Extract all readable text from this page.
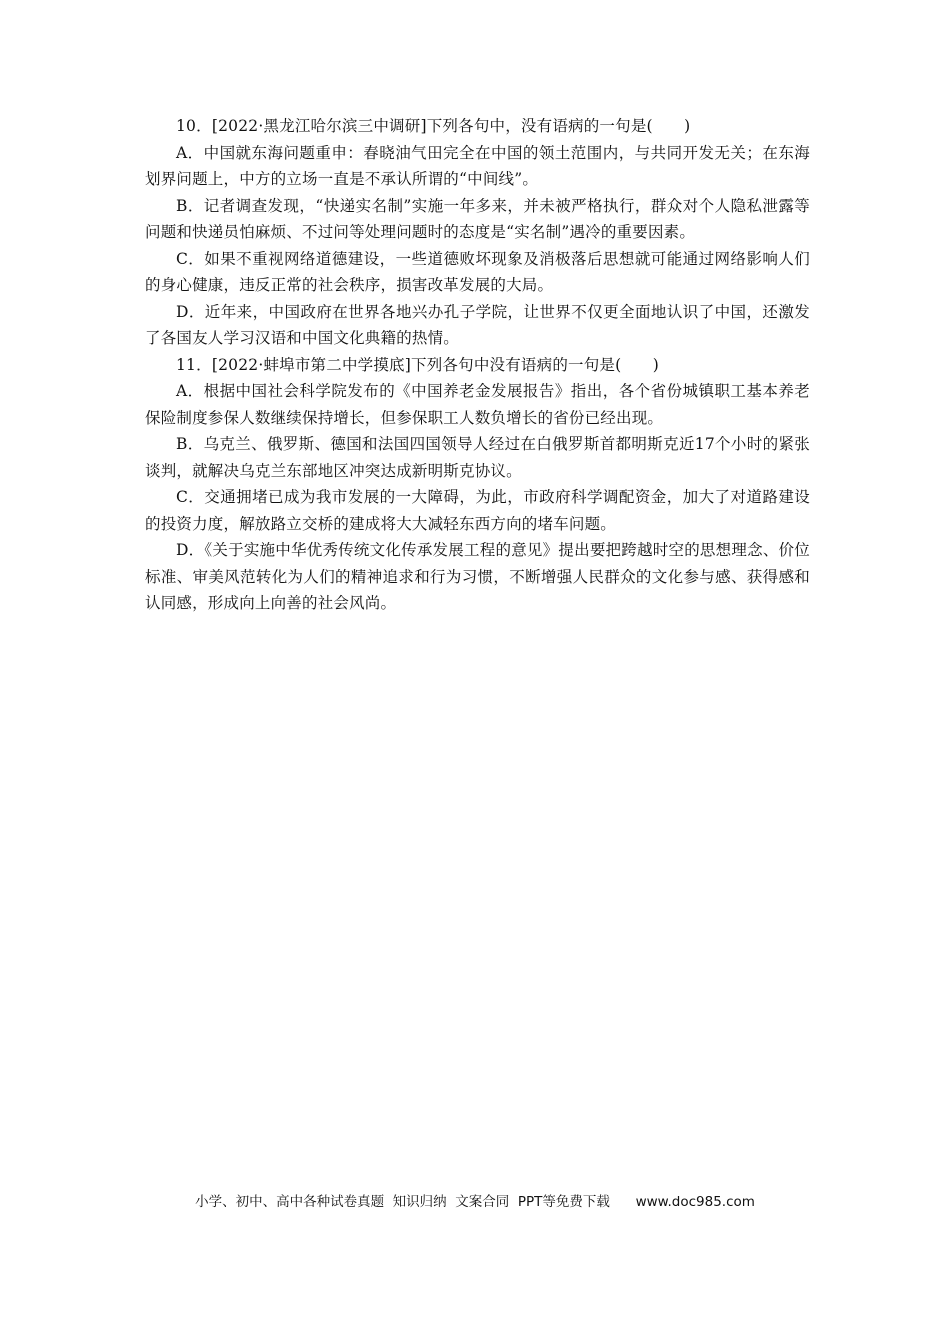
10．[2022·黑龙江哈尔滨三中调研]下列各句中，没有语病的一句是(　　)

A．中国就东海问题重申：春晓油气田完全在中国的领土范围内，与共同开发无关；在东海划界问题上，中方的立场一直是不承认所谓的“中间线”。

B．记者调查发现，“快递实名制”实施一年多来，并未被严格执行，群众对个人隐私泄露等问题和快递员怕麻烦、不过问等处理问题时的态度是“实名制”遇冷的重要因素。

C．如果不重视网络道德建设，一些道德败坏现象及消极落后思想就可能通过网络影响人们的身心健康，违反正常的社会秩序，损害改革发展的大局。

D．近年来，中国政府在世界各地兴办孔子学院，让世界不仅更全面地认识了中国，还激发了各国友人学习汉语和中国文化典籍的热情。

11．[2022·蚌埠市第二中学摸底]下列各句中没有语病的一句是(　　)

A．根据中国社会科学院发布的《中国养老金发展报告》指出，各个省份城镇职工基本养老保险制度参保人数继续保持增长，但参保职工人数负增长的省份已经出现。

B．乌克兰、俄罗斯、德国和法国四国领导人经过在白俄罗斯首都明斯克近17个小时的紧张谈判，就解决乌克兰东部地区冲突达成新明斯克协议。

C．交通拥堵已成为我市发展的一大障碍，为此，市政府科学调配资金，加大了对道路建设的投资力度，解放路立交桥的建成将大大减轻东西方向的堵车问题。

D．《关于实施中华优秀传统文化传承发展工程的意见》提出要把跨越时空的思想理念、价位标准、审美风范转化为人们的精神追求和行为习惯，不断增强人民群众的文化参与感、获得感和认同感，形成向上向善的社会风尚。

小学、初中、高中各种试卷真题  知识归纳  文案合同  PPT等免费下载      www.doc985.com
